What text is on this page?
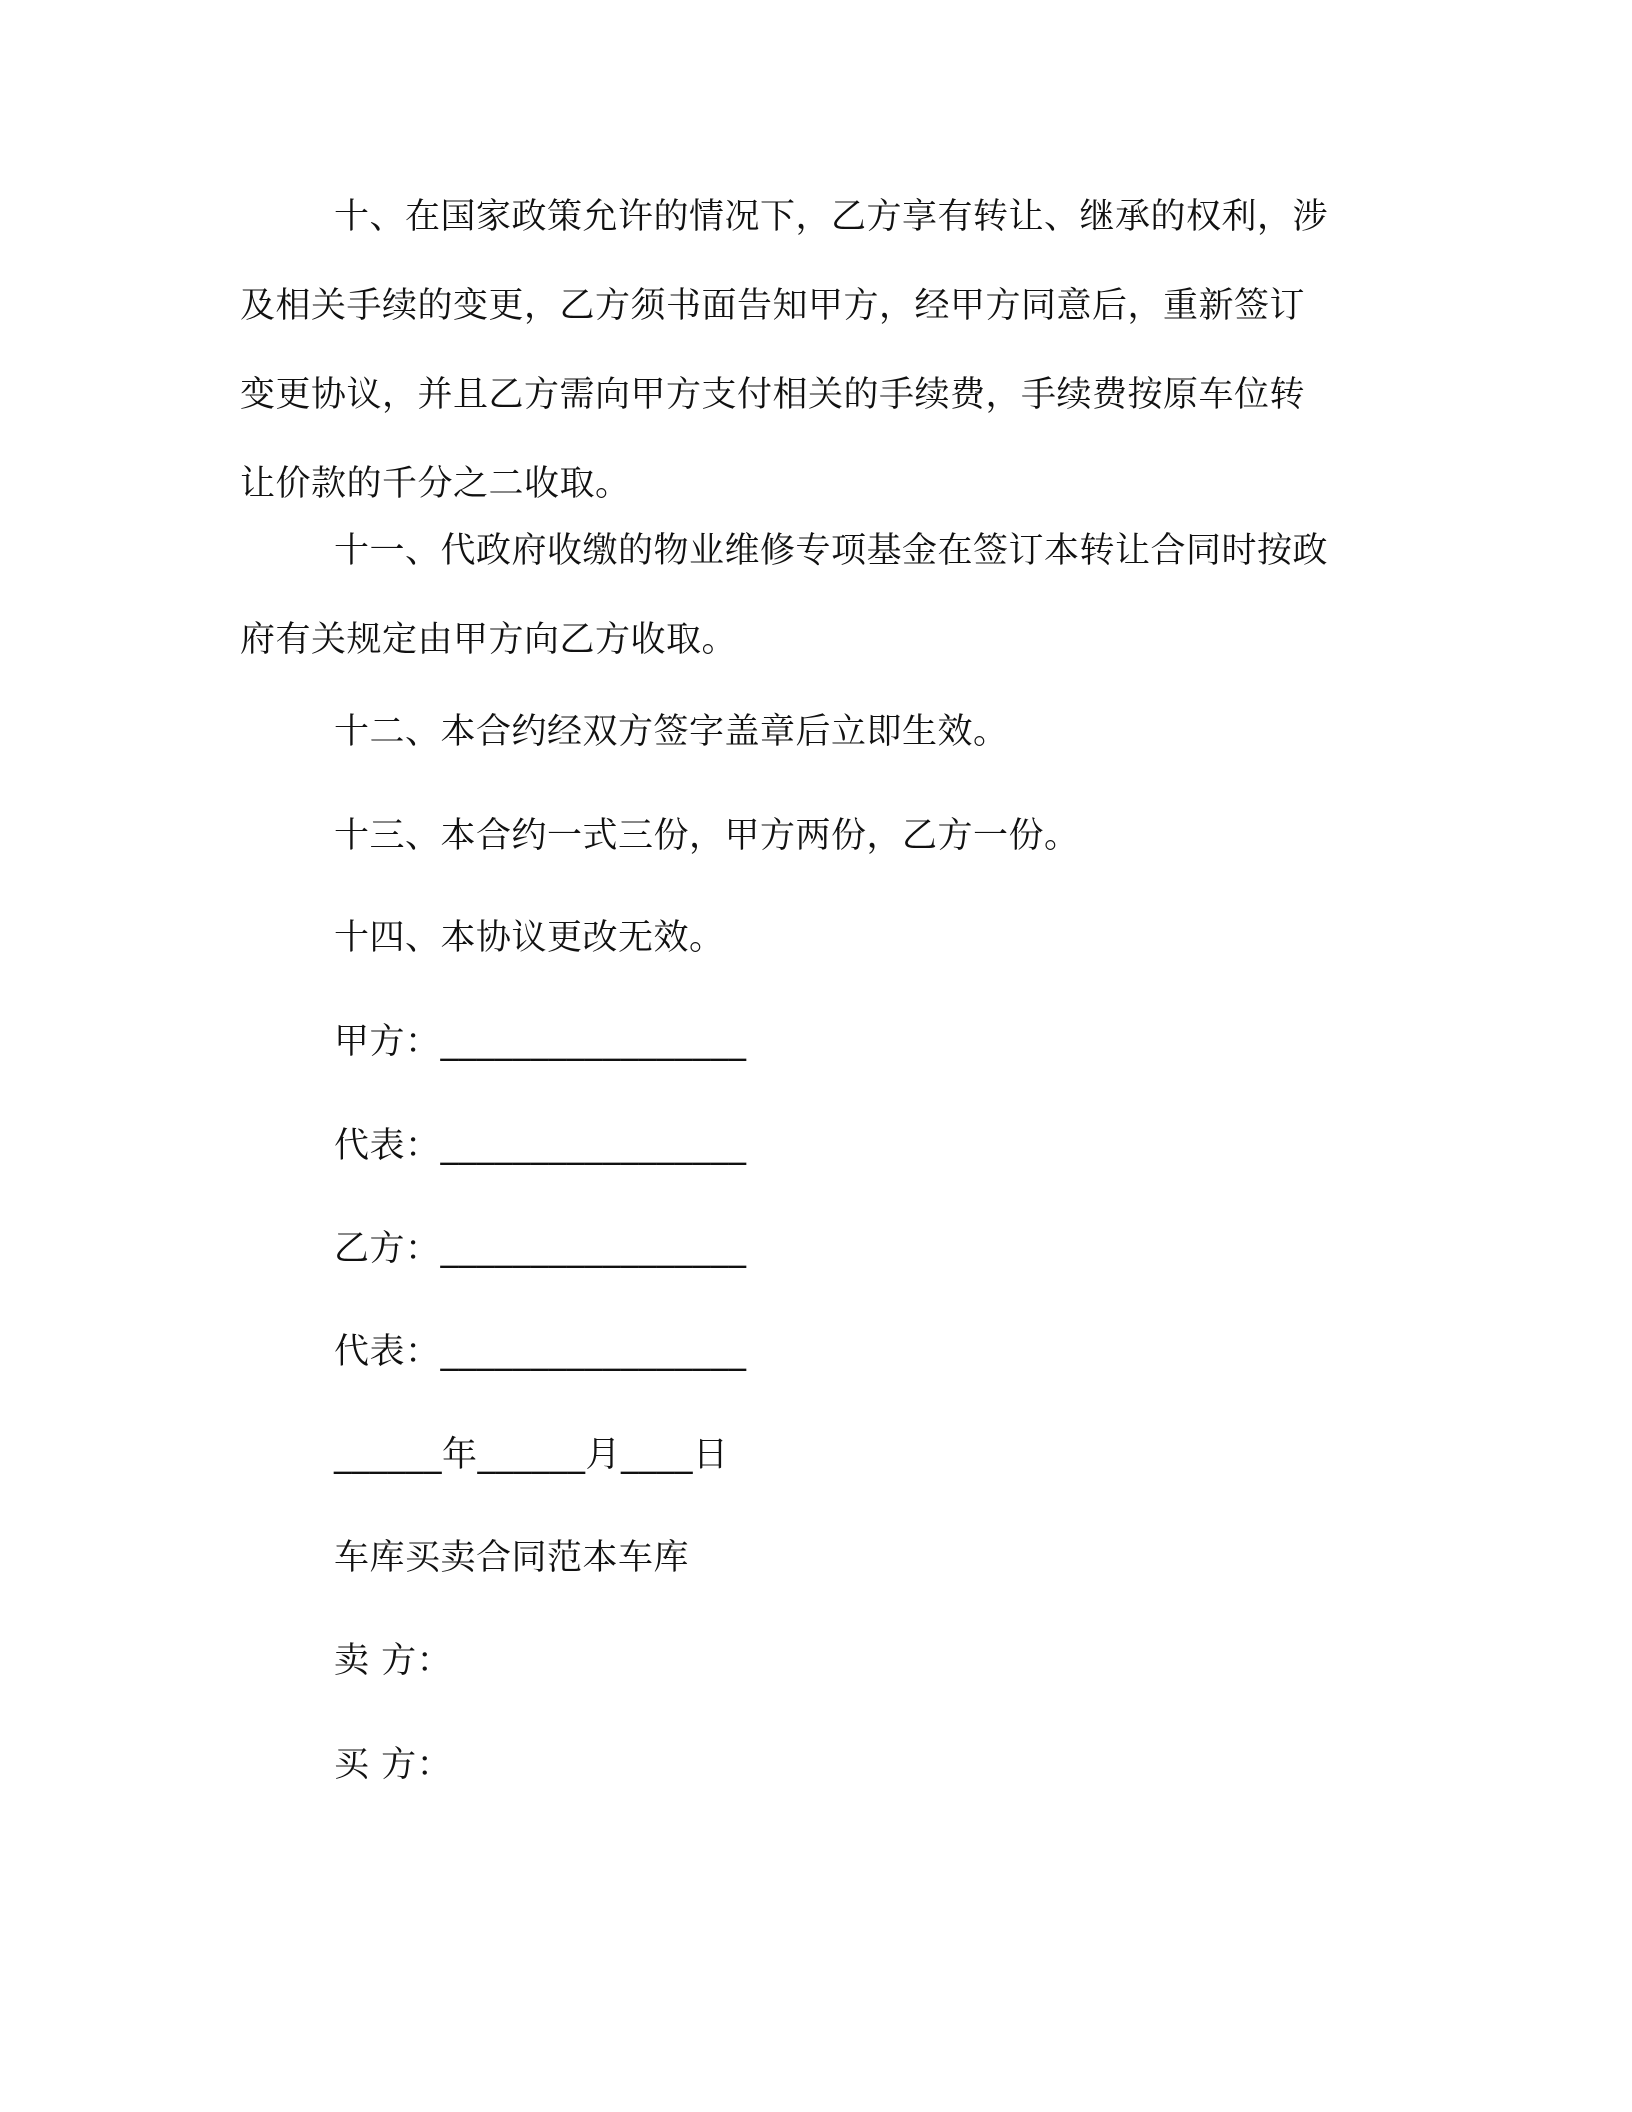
十、在国家政策允许的情况下，乙方享有转让、继承的权利，涉
及相关手续的变更，乙方须书面告知甲方，经甲方同意后，重新签订
变更协议，并且乙方需向甲方支付相关的手续费，手续费按原车位转
让价款的千分之二收取。
十一、代政府收缴的物业维修专项基金在签订本转让合同时按政
府有关规定由甲方向乙方收取。
十二、本合约经双方签字盖章后立即生效。
十三、本合约一式三份，甲方两份，乙方一份。
十四、本协议更改无效。
甲方：_________________
代表：_________________
乙方：_________________
代表：_________________
______年______月____日
车库买卖合同范本车库
卖 方：
买 方：
